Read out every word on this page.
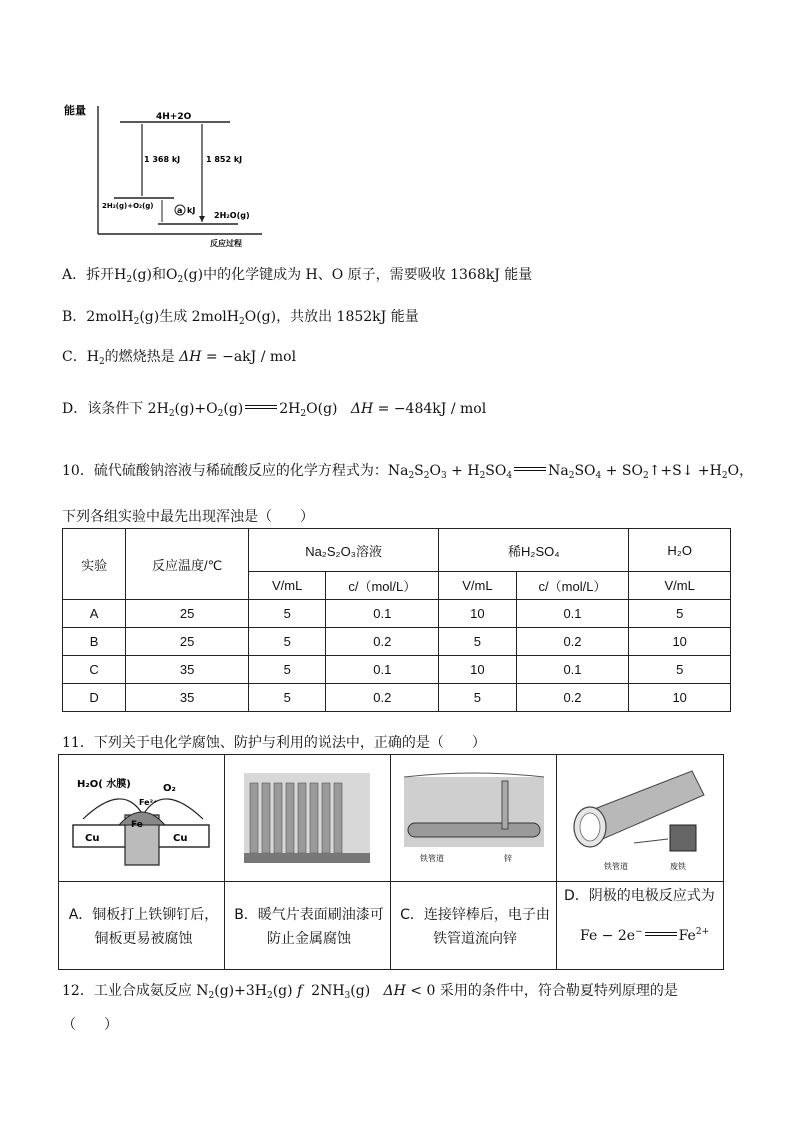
能量
反应过程
4H+2O
1 368 kJ	1 852 kJ
2H₂(g)+O₂(g)	a kJ
2H₂O(g)
A．拆开$H_2(g)$和$O_2(g)$中的化学键成为 H、O 原子，需要吸收 1368kJ 能量
B．2molH$_2$(g)生成 2molH$_2$O(g)，共放出 1852kJ 能量
C．$H_2$的燃烧热是 ΔH = −akJ / mol
D．该条件下 $2H_2(g)+O_2(g)$	$2H_2O(g) \Delta H = -484kJ$ / mol
10．硫代硫酸钠溶液与稀硫酸反应的化学方程式为：$Na_2S_2O_3 + H_2SO_4$	$Na_2SO_4$ + $SO_2↑+S↓ +H_2O$，
下列各组实验中最先出现浑浊是（　　）
实验	反应温度/℃	Na₂S₂O₃溶液		稀H₂SO₄		H₂O
		V/mL	c/（mol/L）	V/mL	c/（mol/L）	V/mL
A	25	5	0.1	10	0.1	5
B	25	5	0.2	5	0.2	10
C	35	5	0.1	10	0.1	5
D	35	5	0.2	5	0.2	10
11．下列关于电化学腐蚀、防护与利用的说法中，正确的是（　　）
H₂O( 水膜)	O₂
Fe
Fe²⁺
Cu	Cu
A．铜板打上铁铆钉后，铜板更易被腐蚀
B．暖气片表面刷油漆可防止金属腐蚀
铁管道	锌
C．连接锌棒后，电子由铁管道流向锌
铁管道	废铁
D．阴极的电极反应式为
Fe − 2e−	$Fe^{2+}$
12．工业合成氨反应 $N_2(g)+3H_2(g)$ f $2NH_3(g) \Delta H < 0$ 采用的条件中，符合勒夏特列原理的是
（　　）
